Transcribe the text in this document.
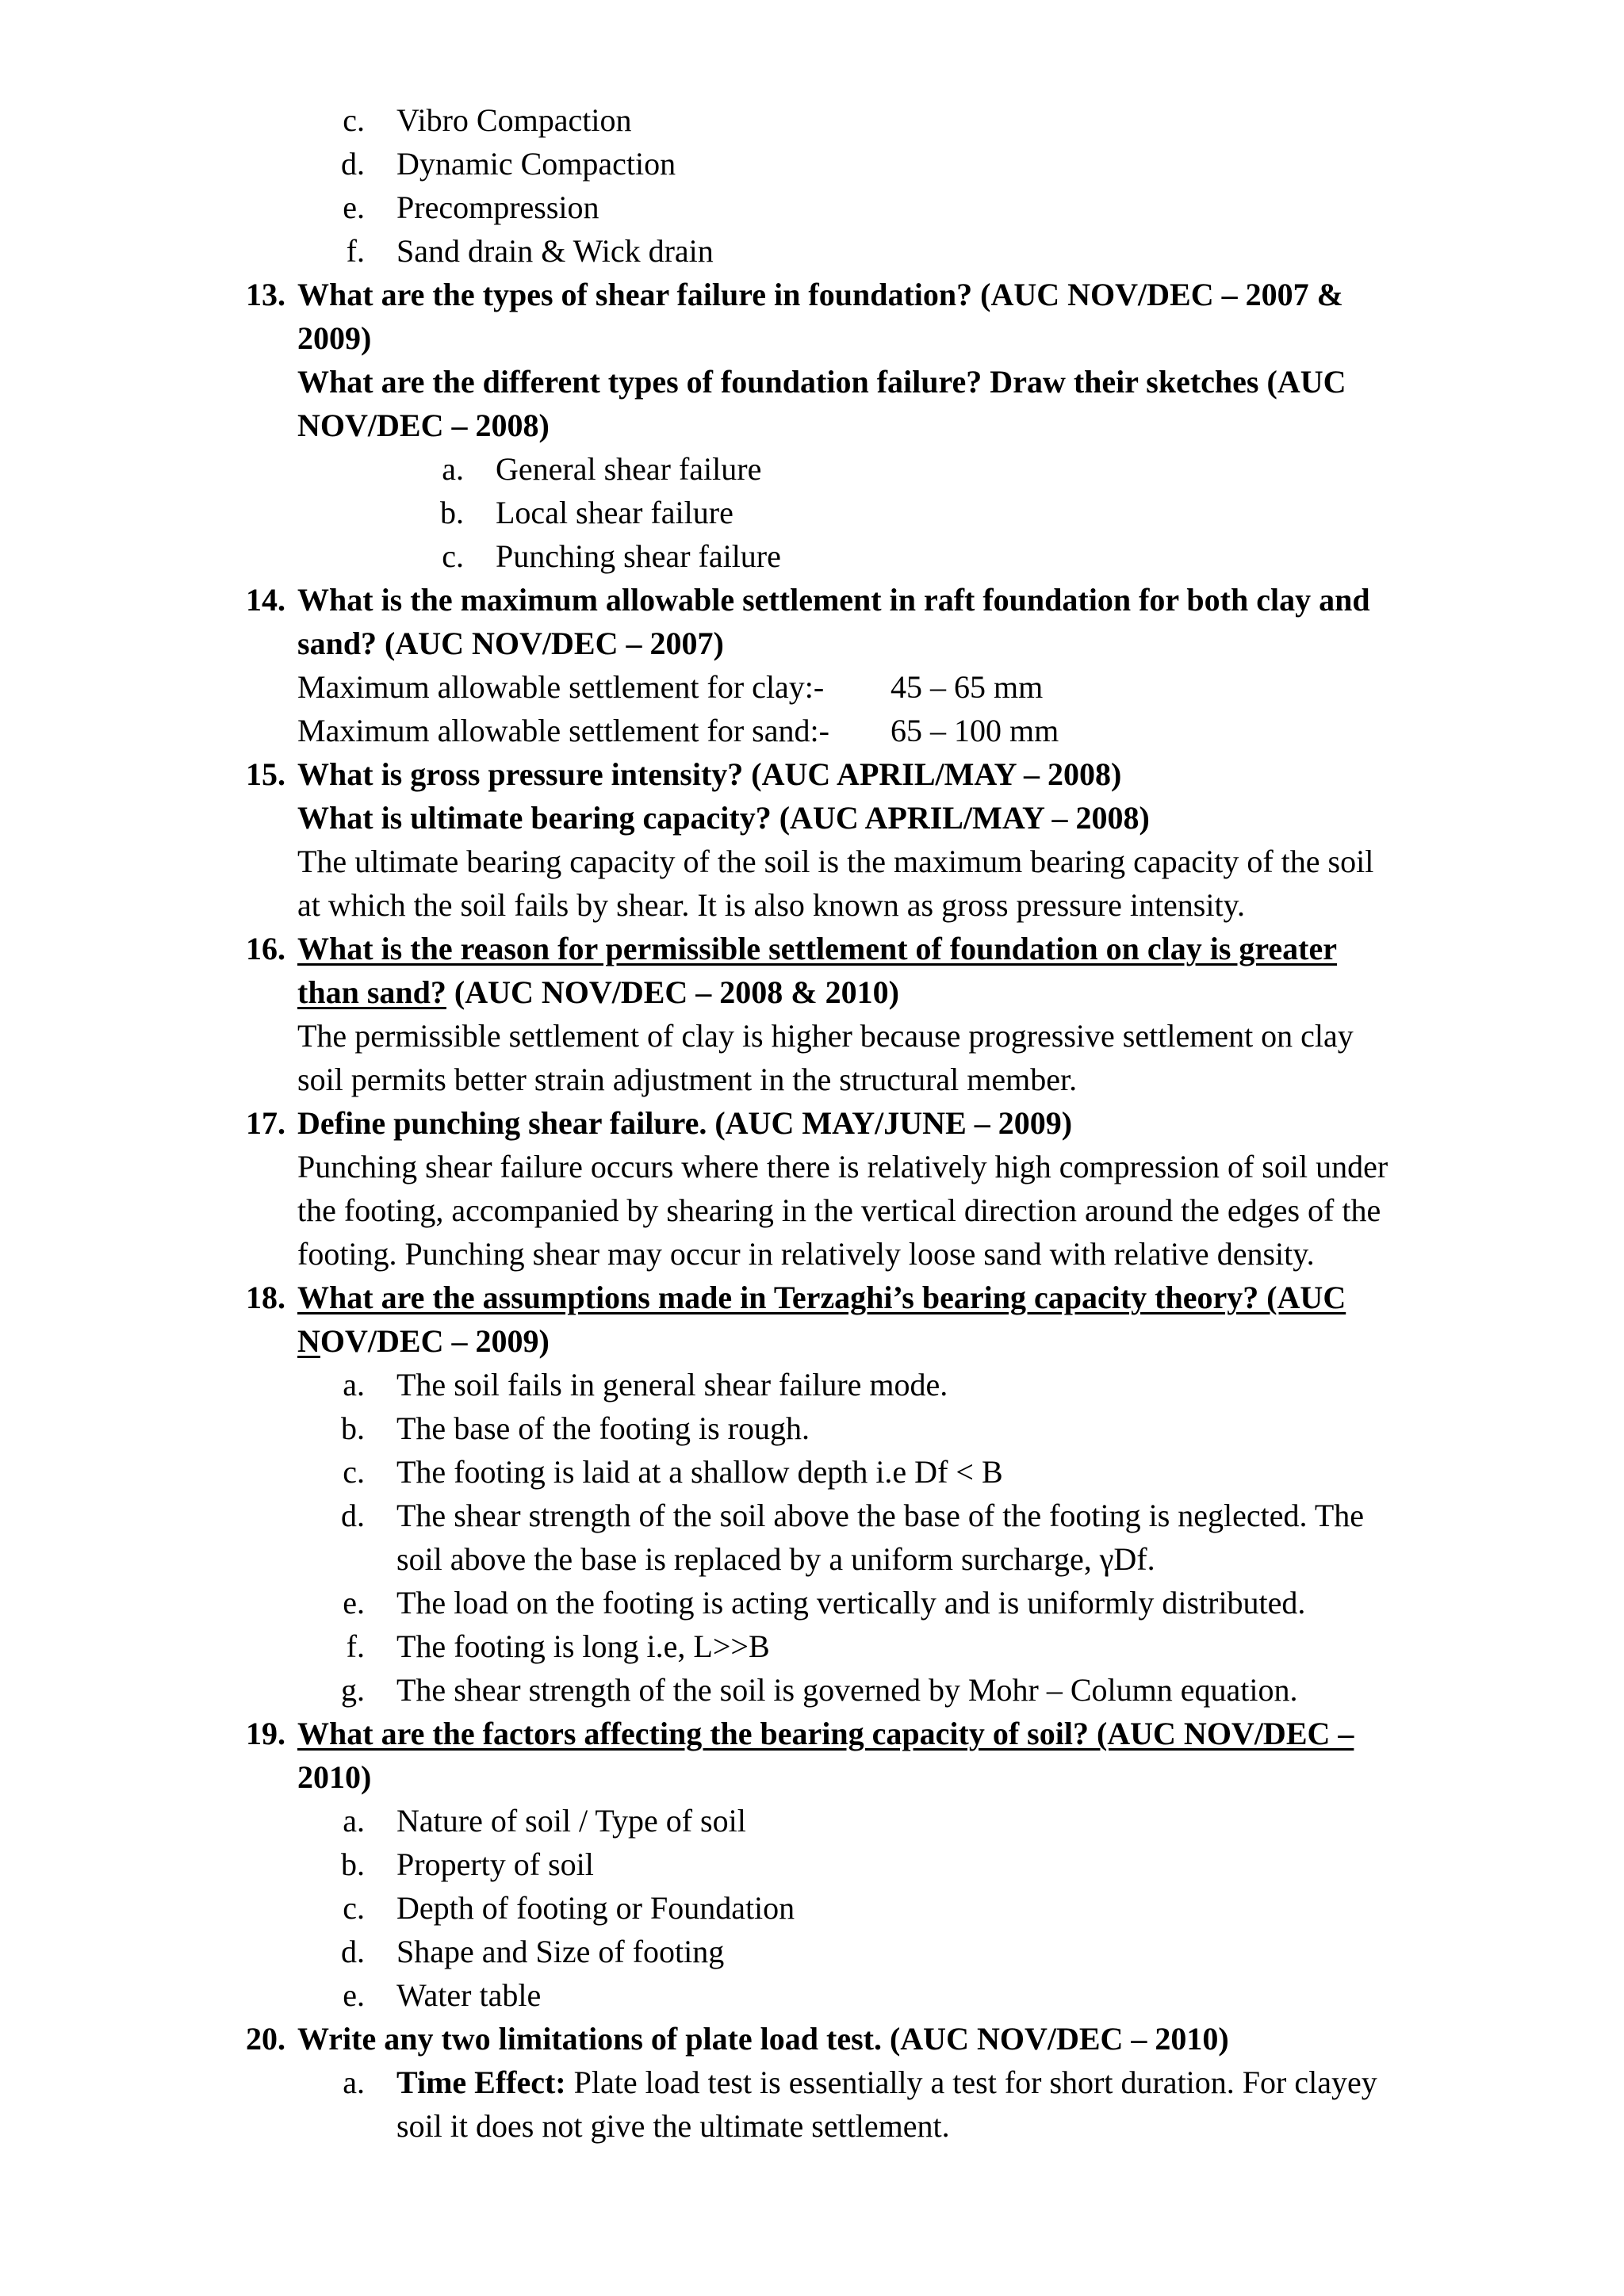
c. Vibro Compaction
d. Dynamic Compaction
e. Precompression
f. Sand drain & Wick drain
13. What are the types of shear failure in foundation? (AUC NOV/DEC – 2007 &
2009)
What are the different types of foundation failure? Draw their sketches (AUC
NOV/DEC – 2008)
a. General shear failure
b. Local shear failure
c. Punching shear failure
14. What is the maximum allowable settlement in raft foundation for both clay and
sand? (AUC NOV/DEC – 2007)
Maximum allowable settlement for clay:- 45 – 65 mm
Maximum allowable settlement for sand:- 65 – 100 mm
15. What is gross pressure intensity? (AUC APRIL/MAY – 2008)
What is ultimate bearing capacity? (AUC APRIL/MAY – 2008)
The ultimate bearing capacity of the soil is the maximum bearing capacity of the soil
at which the soil fails by shear. It is also known as gross pressure intensity.
16. What is the reason for permissible settlement of foundation on clay is greater
than sand? (AUC NOV/DEC – 2008 & 2010)
The permissible settlement of clay is higher because progressive settlement on clay
soil permits better strain adjustment in the structural member.
17. Define punching shear failure. (AUC MAY/JUNE – 2009)
Punching shear failure occurs where there is relatively high compression of soil under
the footing, accompanied by shearing in the vertical direction around the edges of the
footing. Punching shear may occur in relatively loose sand with relative density.
18. What are the assumptions made in Terzaghi’s bearing capacity theory? (AUC
NOV/DEC – 2009)
a. The soil fails in general shear failure mode.
b. The base of the footing is rough.
c. The footing is laid at a shallow depth i.e Df < B
d. The shear strength of the soil above the base of the footing is neglected. The
soil above the base is replaced by a uniform surcharge, γDf.
e. The load on the footing is acting vertically and is uniformly distributed.
f. The footing is long i.e, L>>B
g. The shear strength of the soil is governed by Mohr – Column equation.
19. What are the factors affecting the bearing capacity of soil? (AUC NOV/DEC –
2010)
a. Nature of soil / Type of soil
b. Property of soil
c. Depth of footing or Foundation
d. Shape and Size of footing
e. Water table
20. Write any two limitations of plate load test. (AUC NOV/DEC – 2010)
a. Time Effect: Plate load test is essentially a test for short duration. For clayey
soil it does not give the ultimate settlement.
